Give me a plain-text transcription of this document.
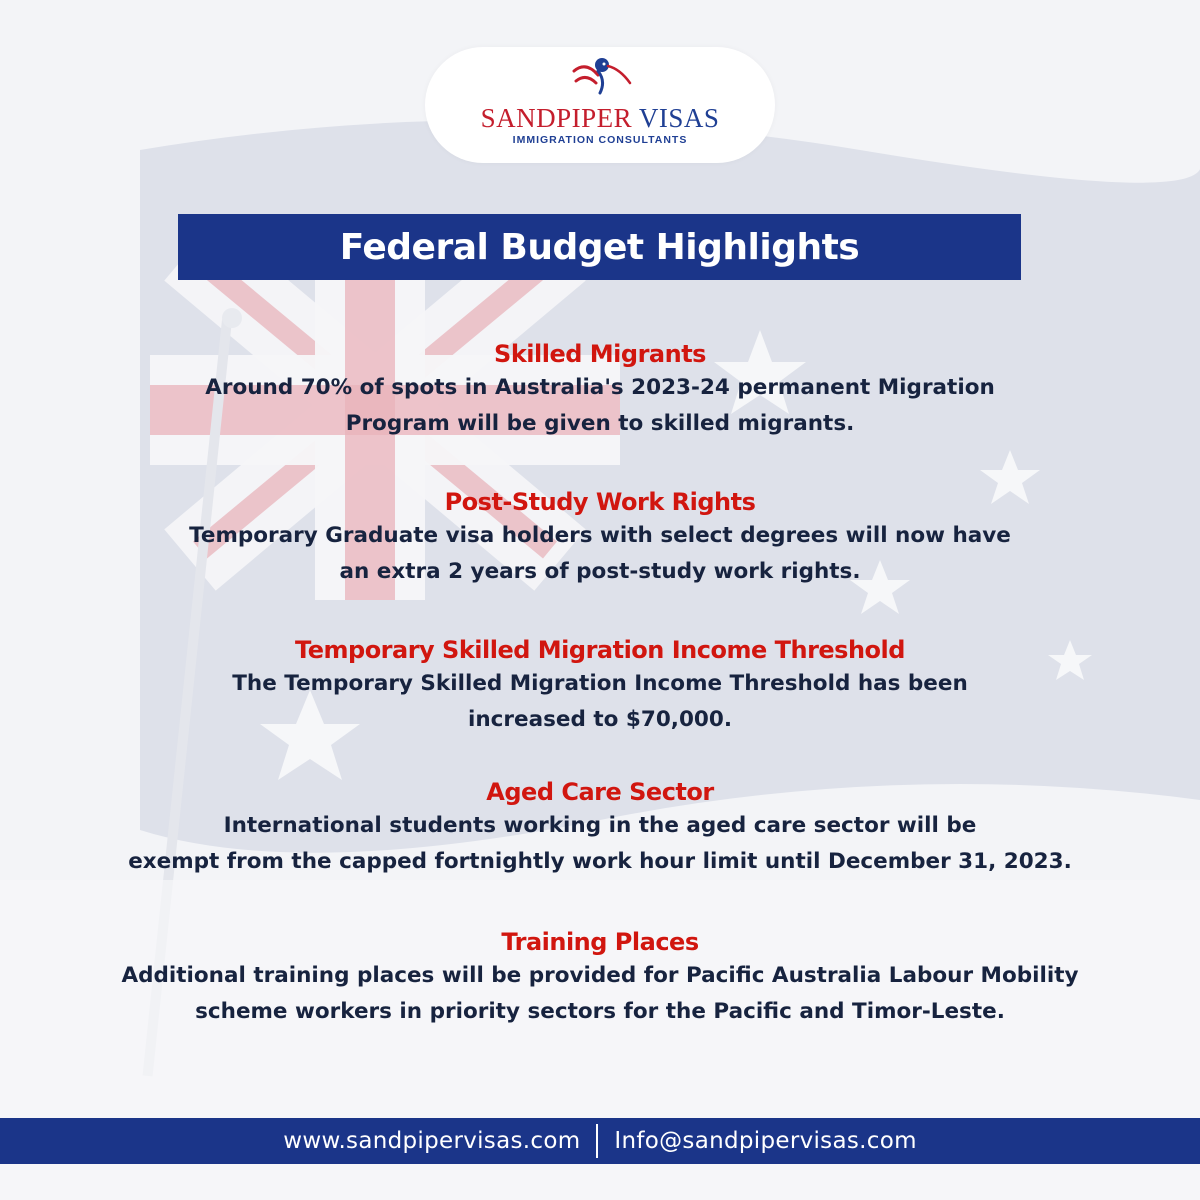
SANDPIPER VISAS
IMMIGRATION CONSULTANTS
Federal Budget Highlights
Skilled Migrants
Around 70% of spots in Australia's 2023-24 permanent Migration
Program will be given to skilled migrants.
Post-Study Work Rights
Temporary Graduate visa holders with select degrees will now have
an extra 2 years of post-study work rights.
Temporary Skilled Migration Income Threshold
The Temporary Skilled Migration Income Threshold has been
increased to $70,000.
Aged Care Sector
International students working in the aged care sector will be
exempt from the capped fortnightly work hour limit until December 31, 2023.
Training Places
Additional training places will be provided for Pacific Australia Labour Mobility
scheme workers in priority sectors for the Pacific and Timor-Leste.
www.sandpipervisas.com	Info@sandpipervisas.com
